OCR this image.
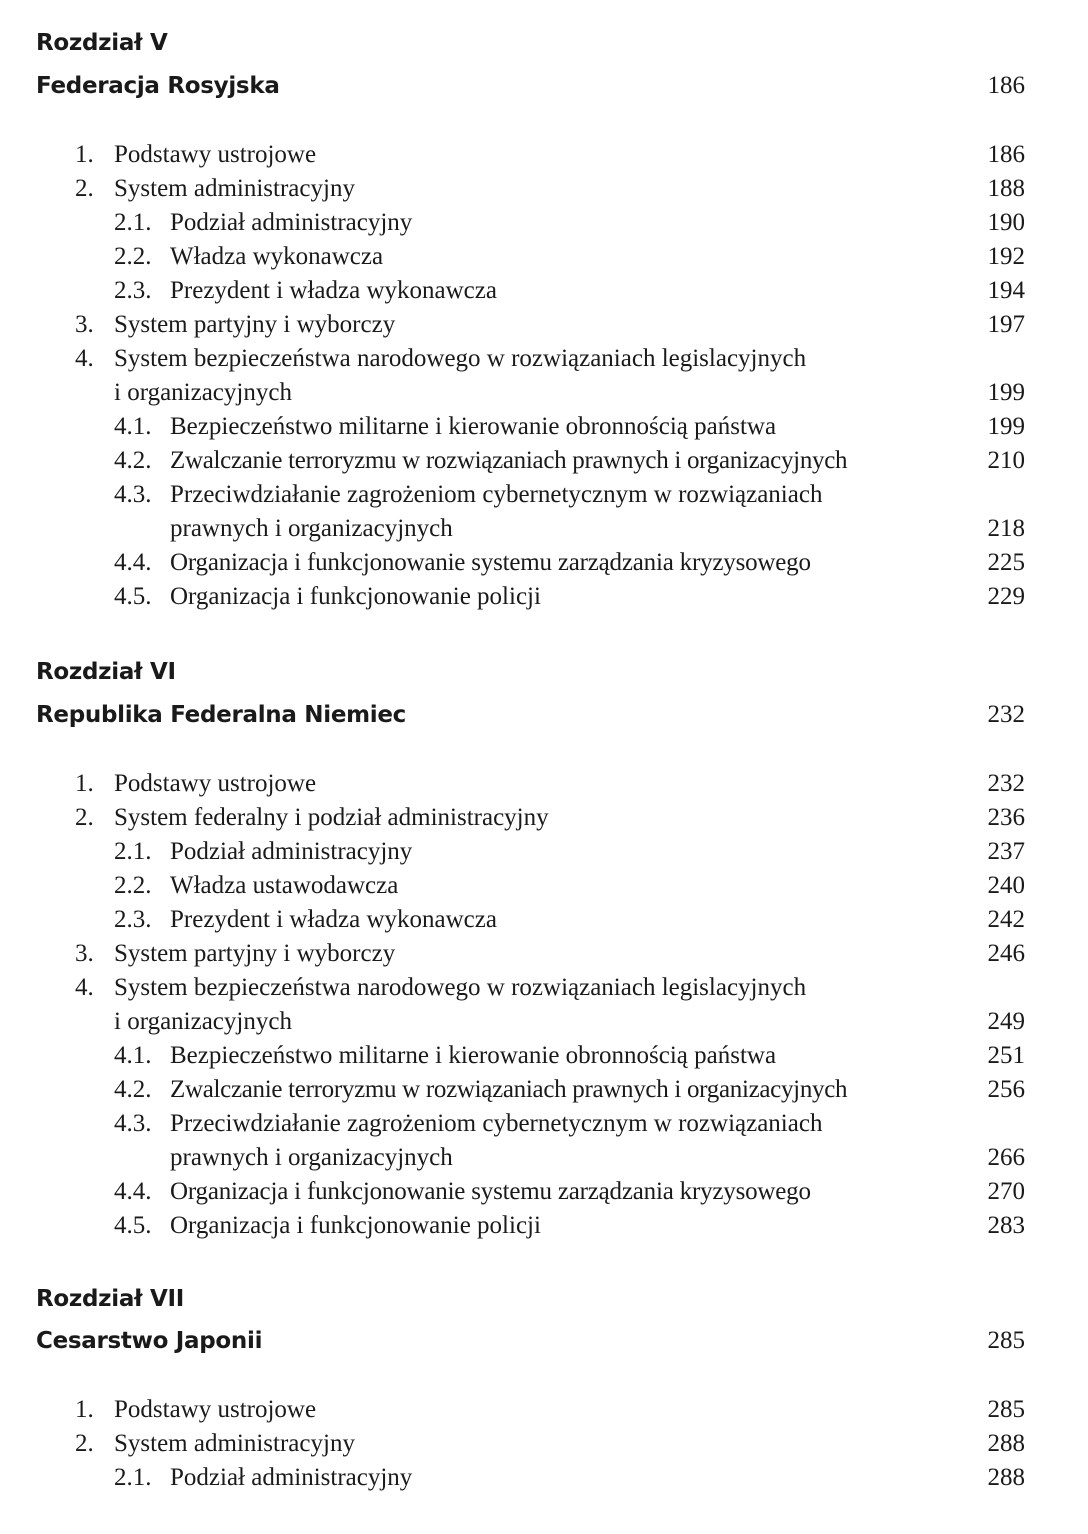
Rozdział V
Federacja Rosyjska	186
1. Podstawy ustrojowe	186
2. System administracyjny	188
2.1. Podział administracyjny	190
2.2. Władza wykonawcza	192
2.3. Prezydent i władza wykonawcza	194
3. System partyjny i wyborczy	197
4. System bezpieczeństwa narodowego w rozwiązaniach legislacyjnych
i organizacyjnych	199
4.1. Bezpieczeństwo militarne i kierowanie obronnością państwa	199
4.2. Zwalczanie terroryzmu w rozwiązaniach prawnych i organizacyjnych	210
4.3. Przeciwdziałanie zagrożeniom cybernetycznym w rozwiązaniach
prawnych i organizacyjnych	218
4.4. Organizacja i funkcjonowanie systemu zarządzania kryzysowego	225
4.5. Organizacja i funkcjonowanie policji	229
Rozdział VI
Republika Federalna Niemiec	232
1. Podstawy ustrojowe	232
2. System federalny i podział administracyjny	236
2.1. Podział administracyjny	237
2.2. Władza ustawodawcza	240
2.3. Prezydent i władza wykonawcza	242
3. System partyjny i wyborczy	246
4. System bezpieczeństwa narodowego w rozwiązaniach legislacyjnych
i organizacyjnych	249
4.1. Bezpieczeństwo militarne i kierowanie obronnością państwa	251
4.2. Zwalczanie terroryzmu w rozwiązaniach prawnych i organizacyjnych	256
4.3. Przeciwdziałanie zagrożeniom cybernetycznym w rozwiązaniach
prawnych i organizacyjnych	266
4.4. Organizacja i funkcjonowanie systemu zarządzania kryzysowego	270
4.5. Organizacja i funkcjonowanie policji	283
Rozdział VII
Cesarstwo Japonii	285
1. Podstawy ustrojowe	285
2. System administracyjny	288
2.1. Podział administracyjny	288
